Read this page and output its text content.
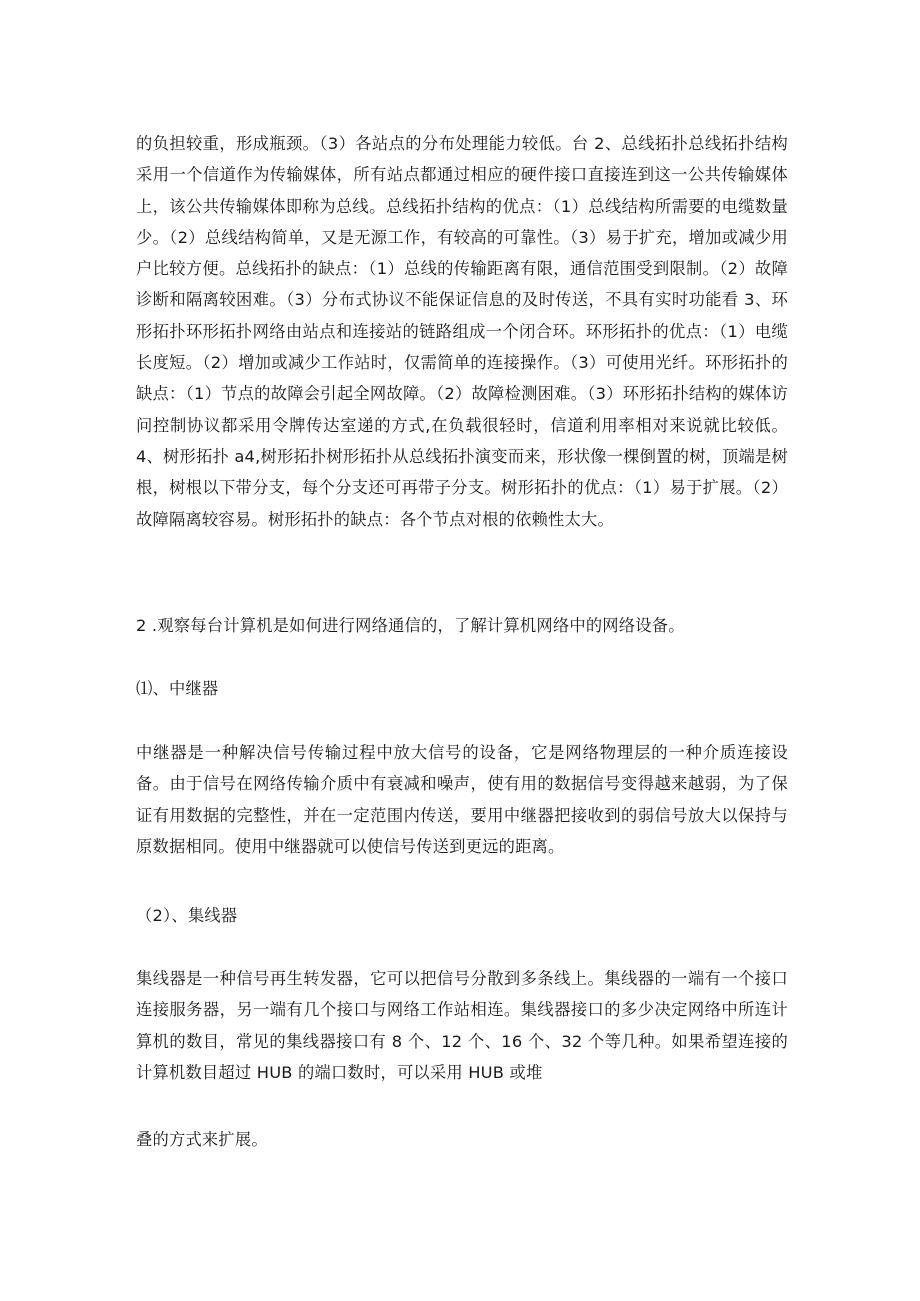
的负担较重，形成瓶颈。（3）各站点的分布处理能力较低。台 2、总线拓扑总线拓扑结构采用一个信道作为传输媒体，所有站点都通过相应的硬件接口直接连到这一公共传输媒体上，该公共传输媒体即称为总线。总线拓扑结构的优点：（1）总线结构所需要的电缆数量少。（2）总线结构简单，又是无源工作，有较高的可靠性。（3）易于扩充，增加或减少用户比较方便。总线拓扑的缺点：（1）总线的传输距离有限，通信范围受到限制。（2）故障诊断和隔离较困难。（3）分布式协议不能保证信息的及时传送，不具有实时功能看 3、环形拓扑环形拓扑网络由站点和连接站的链路组成一个闭合环。环形拓扑的优点：（1）电缆长度短。（2）增加或减少工作站时，仅需简单的连接操作。（3）可使用光纤。环形拓扑的缺点：（1）节点的故障会引起全网故障。（2）故障检测困难。（3）环形拓扑结构的媒体访问控制协议都采用令牌传达室递的方式,在负载很轻时，信道利用率相对来说就比较低。4、树形拓扑 a4,树形拓扑树形拓扑从总线拓扑演变而来，形状像一棵倒置的树，顶端是树根，树根以下带分支，每个分支还可再带子分支。树形拓扑的优点：（1）易于扩展。（2）故障隔离较容易。树形拓扑的缺点：各个节点对根的依赖性太大。

2 .观察每台计算机是如何进行网络通信的，了解计算机网络中的网络设备。

⑴、中继器

中继器是一种解决信号传输过程中放大信号的设备，它是网络物理层的一种介质连接设备。由于信号在网络传输介质中有衰减和噪声，使有用的数据信号变得越来越弱，为了保证有用数据的完整性，并在一定范围内传送，要用中继器把接收到的弱信号放大以保持与原数据相同。使用中继器就可以使信号传送到更远的距离。

（2）、集线器

集线器是一种信号再生转发器，它可以把信号分散到多条线上。集线器的一端有一个接口连接服务器，另一端有几个接口与网络工作站相连。集线器接口的多少决定网络中所连计算机的数目，常见的集线器接口有 8 个、12 个、16 个、32 个等几种。如果希望连接的计算机数目超过 HUB 的端口数时，可以采用 HUB 或堆

叠的方式来扩展。
